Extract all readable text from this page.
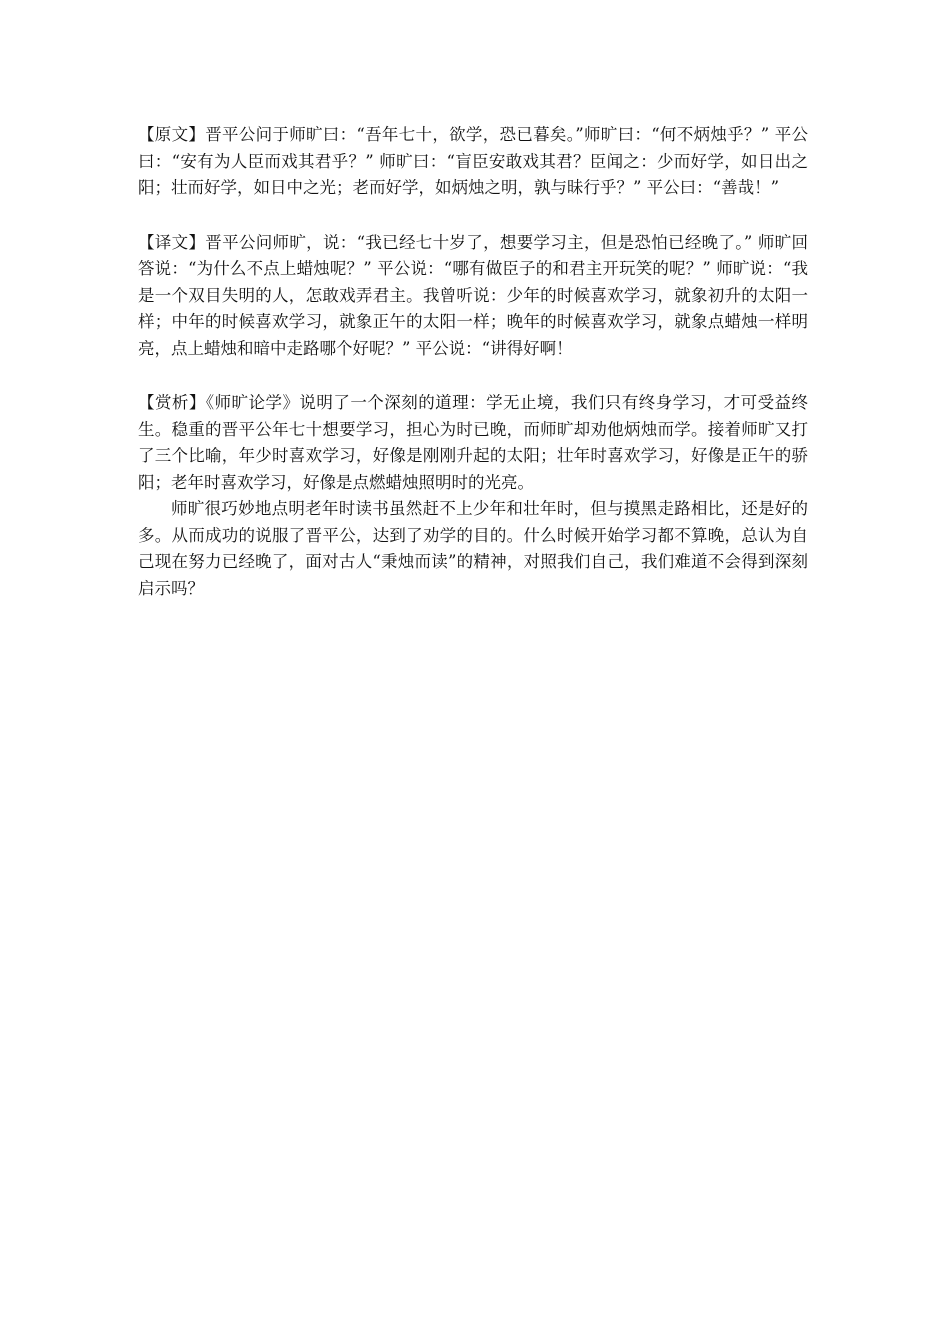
【原文】晋平公问于师旷曰：“吾年七十，欲学，恐已暮矣。”师旷曰：“何不炳烛乎？” 平公曰：“安有为人臣而戏其君乎？” 师旷曰：“盲臣安敢戏其君？臣闻之：少而好学，如日出之阳；壮而好学，如日中之光；老而好学，如炳烛之明，孰与昧行乎？” 平公曰：“善哉！”

【译文】晋平公问师旷，说：“我已经七十岁了，想要学习主，但是恐怕已经晚了。” 师旷回答说：“为什么不点上蜡烛呢？” 平公说：“哪有做臣子的和君主开玩笑的呢？” 师旷说：“我是一个双目失明的人，怎敢戏弄君主。我曾听说：少年的时候喜欢学习，就象初升的太阳一样；中年的时候喜欢学习，就象正午的太阳一样；晚年的时候喜欢学习，就象点蜡烛一样明亮，点上蜡烛和暗中走路哪个好呢？” 平公说：“讲得好啊！

【赏析】《师旷论学》说明了一个深刻的道理：学无止境，我们只有终身学习，才可受益终生。稳重的晋平公年七十想要学习，担心为时已晚，而师旷却劝他炳烛而学。接着师旷又打了三个比喻，年少时喜欢学习，好像是刚刚升起的太阳；壮年时喜欢学习，好像是正午的骄阳；老年时喜欢学习，好像是点燃蜡烛照明时的光亮。

师旷很巧妙地点明老年时读书虽然赶不上少年和壮年时，但与摸黑走路相比，还是好的多。从而成功的说服了晋平公，达到了劝学的目的。什么时候开始学习都不算晚，总认为自己现在努力已经晚了，面对古人“秉烛而读”的精神，对照我们自己，我们难道不会得到深刻启示吗？
